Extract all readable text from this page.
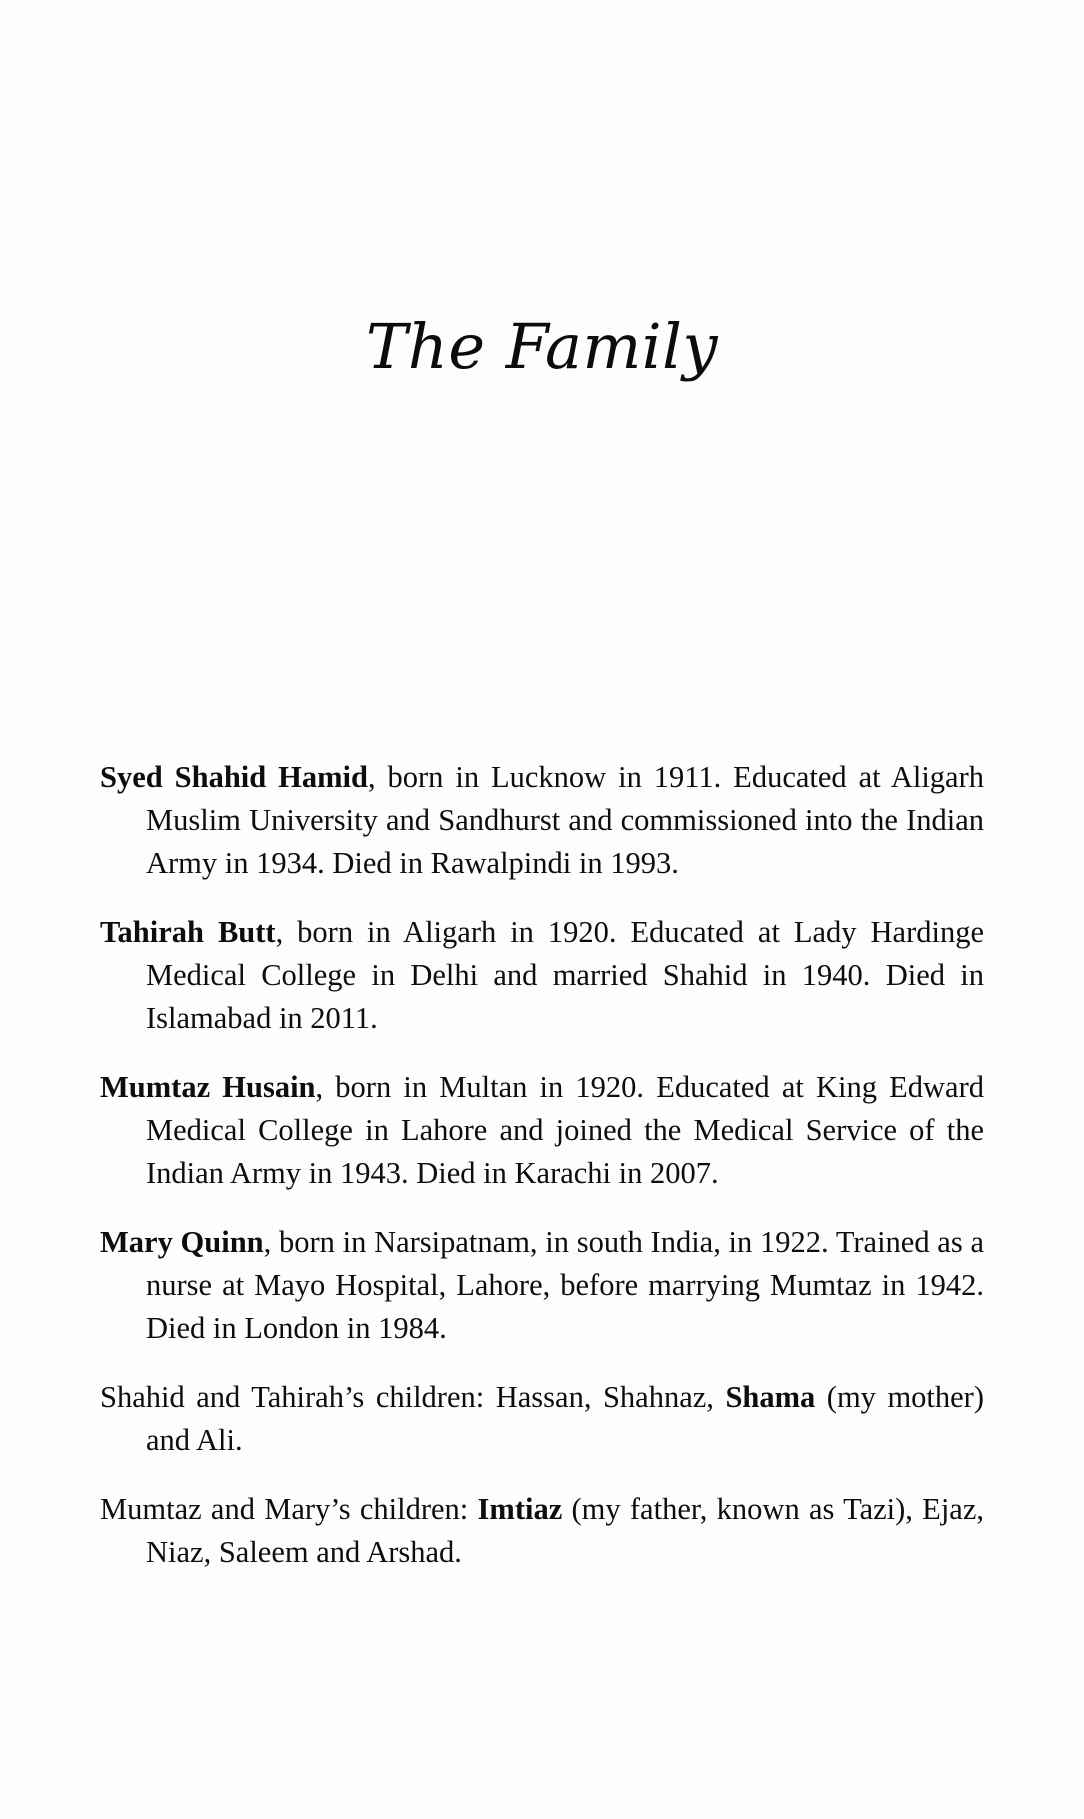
The Family

Syed Shahid Hamid, born in Lucknow in 1911. Educated at Aligarh Muslim University and Sandhurst and commissioned into the Indian Army in 1934. Died in Rawalpindi in 1993.

Tahirah Butt, born in Aligarh in 1920. Educated at Lady Hardinge Medical College in Delhi and married Shahid in 1940. Died in Islamabad in 2011.

Mumtaz Husain, born in Multan in 1920. Educated at King Edward Medical College in Lahore and joined the Medical Service of the Indian Army in 1943. Died in Karachi in 2007.

Mary Quinn, born in Narsipatnam, in south India, in 1922. Trained as a nurse at Mayo Hospital, Lahore, before marrying Mumtaz in 1942. Died in London in 1984.

Shahid and Tahirah’s children: Hassan, Shahnaz, Shama (my mother) and Ali.

Mumtaz and Mary’s children: Imtiaz (my father, known as Tazi), Ejaz, Niaz, Saleem and Arshad.
